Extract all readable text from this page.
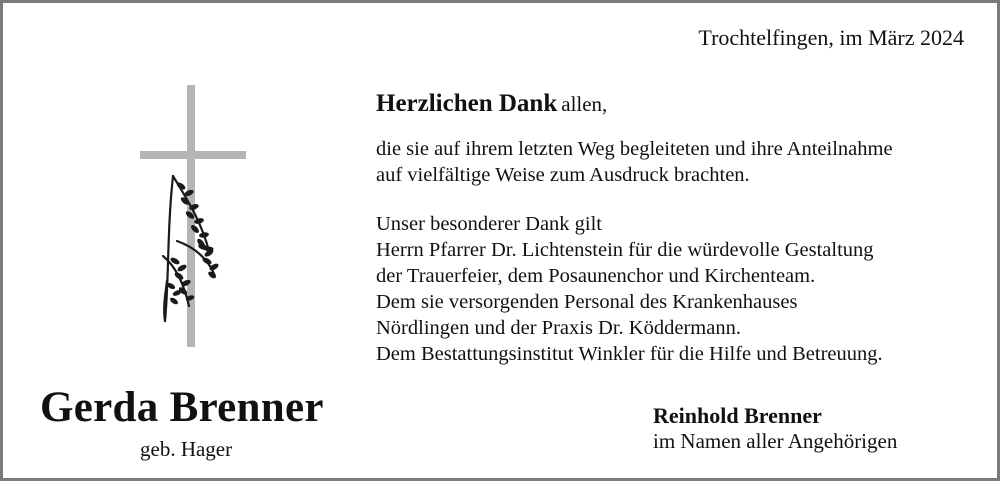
Trochtelfingen, im März 2024
Herzlichen Dank allen,
die sie auf ihrem letzten Weg begleiteten und ihre Anteilnahme
auf vielfältige Weise zum Ausdruck brachten.
Unser besonderer Dank gilt
Herrn Pfarrer Dr. Lichtenstein für die würdevolle Gestaltung
der Trauerfeier, dem Posaunenchor und Kirchenteam.
Dem sie versorgenden Personal des Krankenhauses
Nördlingen und der Praxis Dr. Köddermann.
Dem Bestattungsinstitut Winkler für die Hilfe und Betreuung.
Gerda Brenner
geb. Hager
Reinhold Brenner
im Namen aller Angehörigen
